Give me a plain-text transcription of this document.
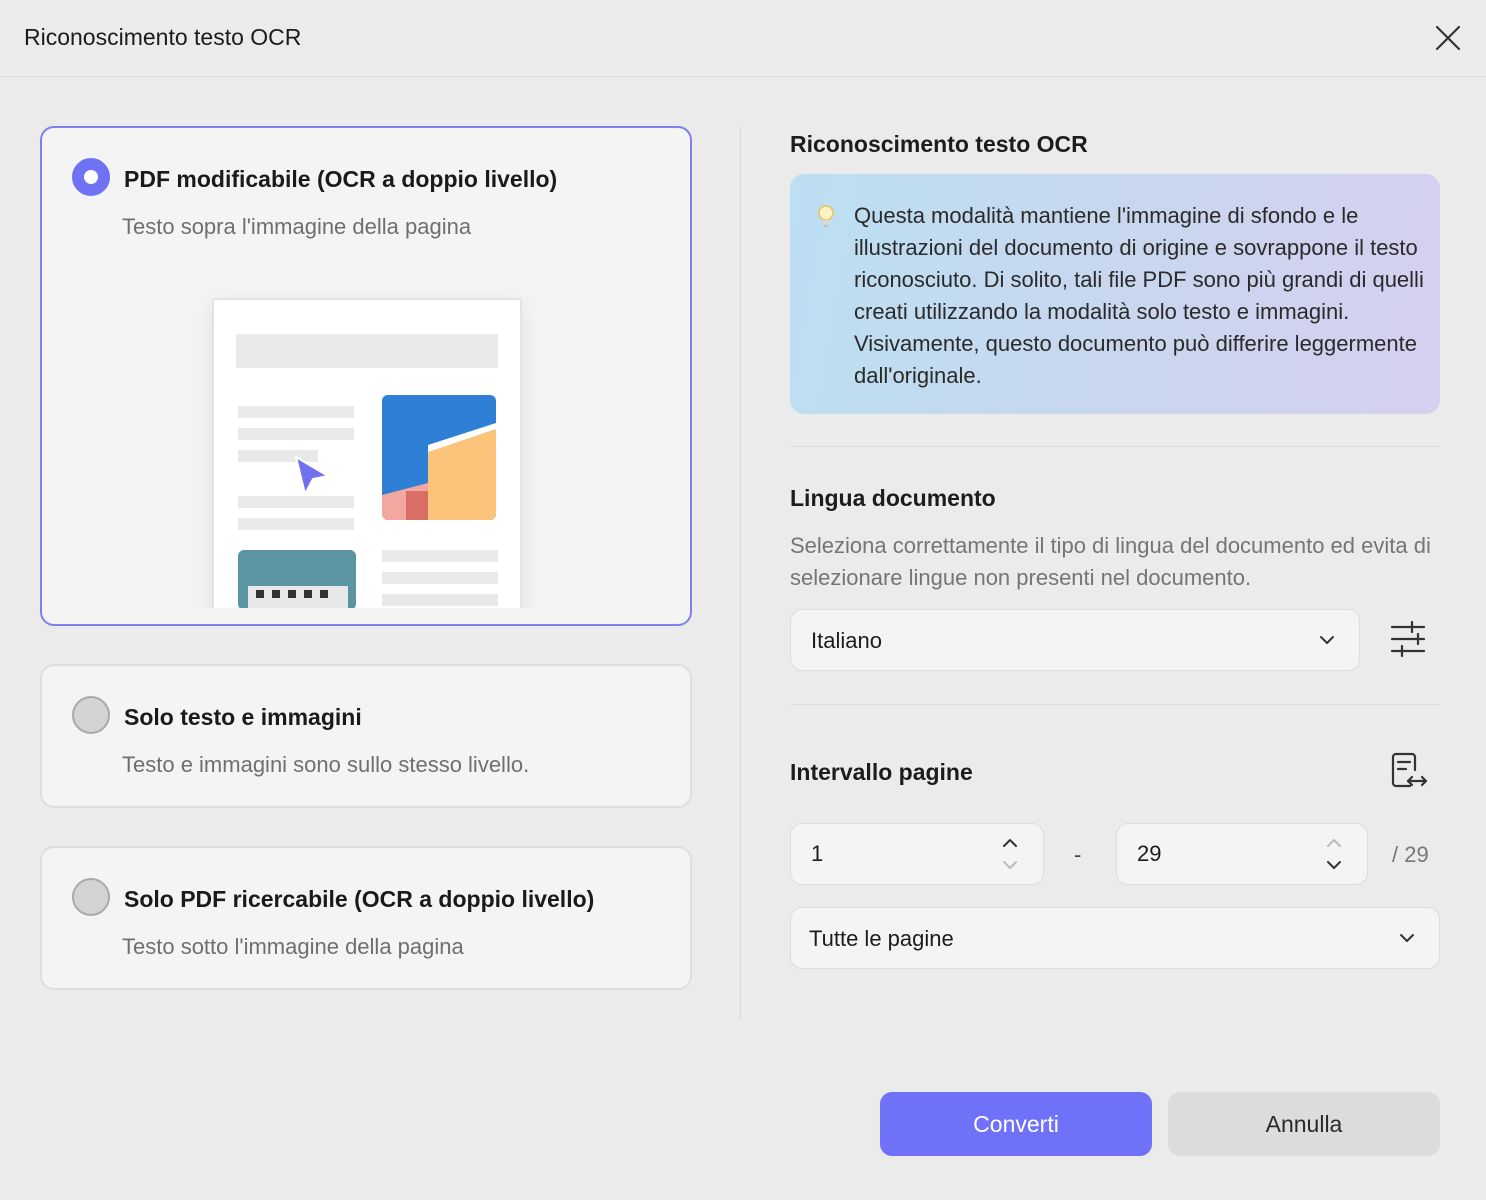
Riconoscimento testo OCR
PDF modificabile (OCR a doppio livello)
Testo sopra l'immagine della pagina
Solo testo e immagini
Testo e immagini sono sullo stesso livello.
Solo PDF ricercabile (OCR a doppio livello)
Testo sotto l'immagine della pagina
Riconoscimento testo OCR
Questa modalità mantiene l'immagine di sfondo e le illustrazioni del documento di origine e sovrappone il testo riconosciuto. Di solito, tali file PDF sono più grandi di quelli creati utilizzando la modalità solo testo e immagini. Visivamente, questo documento può differire leggermente dall'originale.
Lingua documento
Seleziona correttamente il tipo di lingua del documento ed evita di selezionare lingue non presenti nel documento.
Italiano
Intervallo pagine
1
-
29	/ 29
Tutte le pagine
Converti	Annulla
